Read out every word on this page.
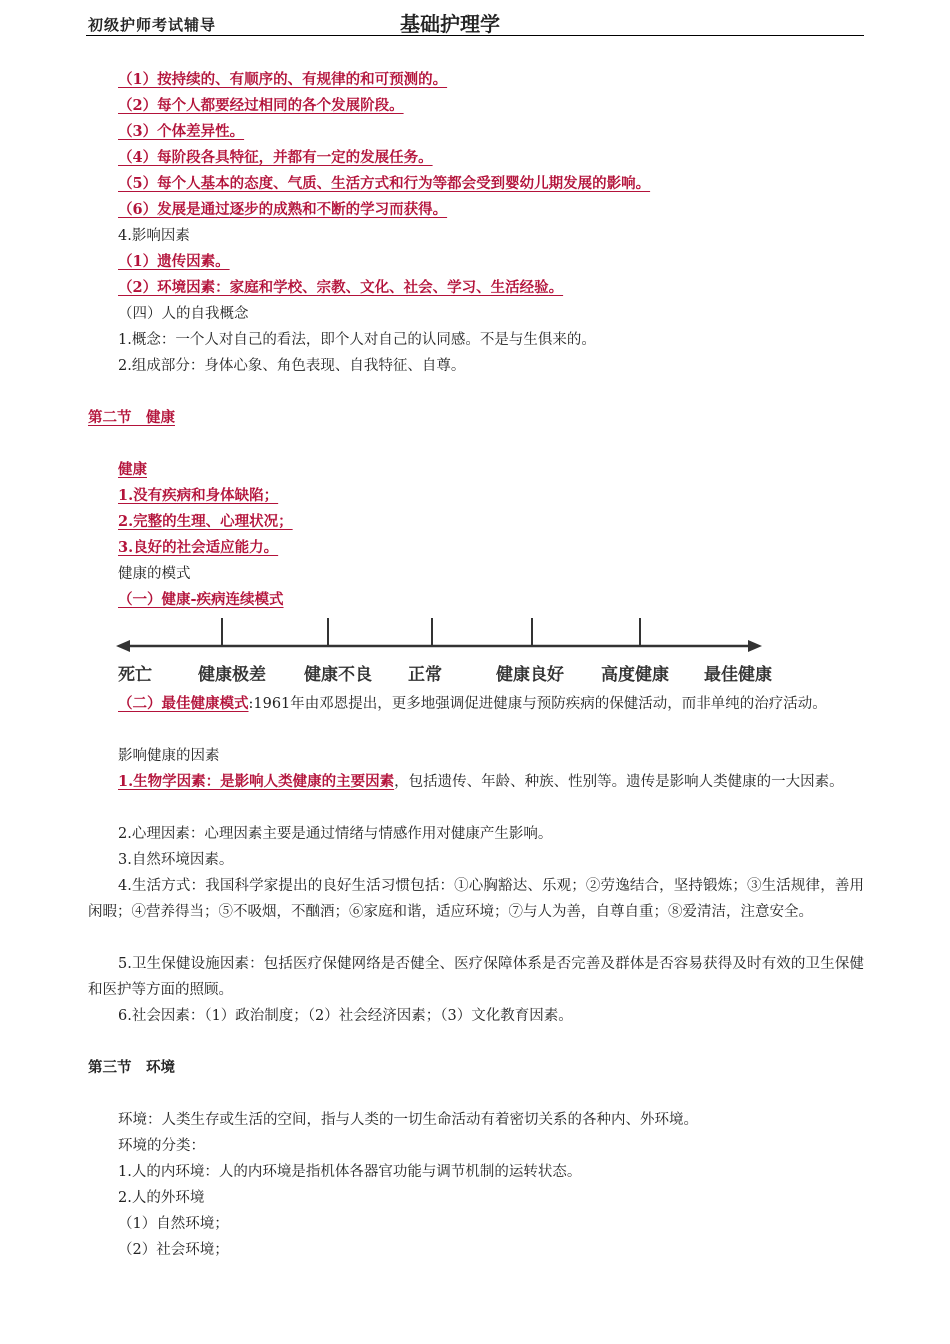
初级护师考试辅导	基础护理学
（1）按持续的、有顺序的、有规律的和可预测的。
（2）每个人都要经过相同的各个发展阶段。
（3）个体差异性。
（4）每阶段各具特征，并都有一定的发展任务。
（5）每个人基本的态度、气质、生活方式和行为等都会受到婴幼儿期发展的影响。
（6）发展是通过逐步的成熟和不断的学习而获得。
4.影响因素
（1）遗传因素。
（2）环境因素：家庭和学校、宗教、文化、社会、学习、生活经验。
（四）人的自我概念
1.概念：一个人对自己的看法，即个人对自己的认同感。不是与生俱来的。
2.组成部分：身体心象、角色表现、自我特征、自尊。
第二节　健康
健康
1.没有疾病和身体缺陷；
2.完整的生理、心理状况；
3.良好的社会适应能力。
健康的模式
（一）健康-疾病连续模式
死亡	健康极差 健康不良 正常	健康良好 高度健康 最佳健康
（二）最佳健康模式:1961年由邓恩提出，更多地强调促进健康与预防疾病的保健活动，而非单纯的治疗活动。
影响健康的因素
1.生物学因素：是影响人类健康的主要因素，包括遗传、年龄、种族、性别等。遗传是影响人类健康的一大因素。
2.心理因素：心理因素主要是通过情绪与情感作用对健康产生影响。
3.自然环境因素。
4.生活方式：我国科学家提出的良好生活习惯包括：①心胸豁达、乐观；②劳逸结合，坚持锻炼；③生活规律，善用闲暇；④营养得当；⑤不吸烟，不酗酒；⑥家庭和谐，适应环境；⑦与人为善，自尊自重；⑧爱清洁，注意安全。
5.卫生保健设施因素：包括医疗保健网络是否健全、医疗保障体系是否完善及群体是否容易获得及时有效的卫生保健和医护等方面的照顾。
6.社会因素：（1）政治制度；（2）社会经济因素；（3）文化教育因素。
第三节　环境
环境：人类生存或生活的空间，指与人类的一切生命活动有着密切关系的各种内、外环境。
环境的分类：
1.人的内环境：人的内环境是指机体各器官功能与调节机制的运转状态。
2.人的外环境
（1）自然环境；
（2）社会环境；
